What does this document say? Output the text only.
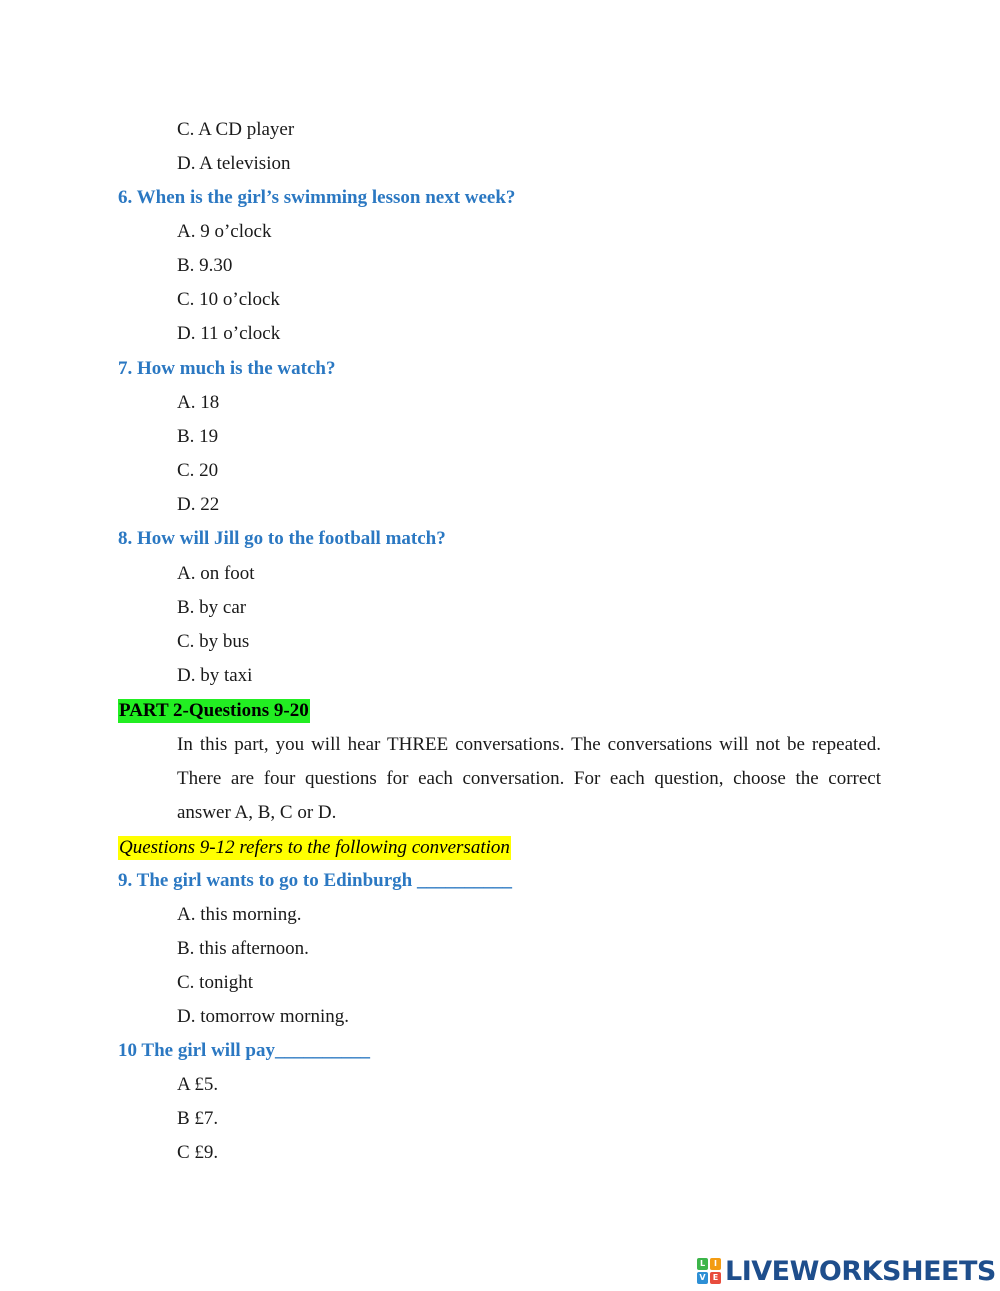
C. A CD player
D. A television
6. When is the girl’s swimming lesson next week?
A. 9 o’clock
B. 9.30
C. 10 o’clock
D. 11 o’clock
7. How much is the watch?
A. 18
B. 19
C. 20
D. 22
8. How will Jill go to the football match?
A. on foot
B. by car
C. by bus
D. by taxi
PART 2-Questions 9-20
In this part, you will hear THREE conversations. The conversations will not be repeated. There are four questions for each conversation. For each question, choose the correct answer A, B, C or D.
Questions 9-12 refers to the following conversation
9. The girl wants to go to Edinburgh __________
A. this morning.
B. this afternoon.
C. tonight
D. tomorrow morning.
10 The girl will pay__________
A £5.
B £7.
C £9.
L	I
V E LIVEWORKSHEETS
